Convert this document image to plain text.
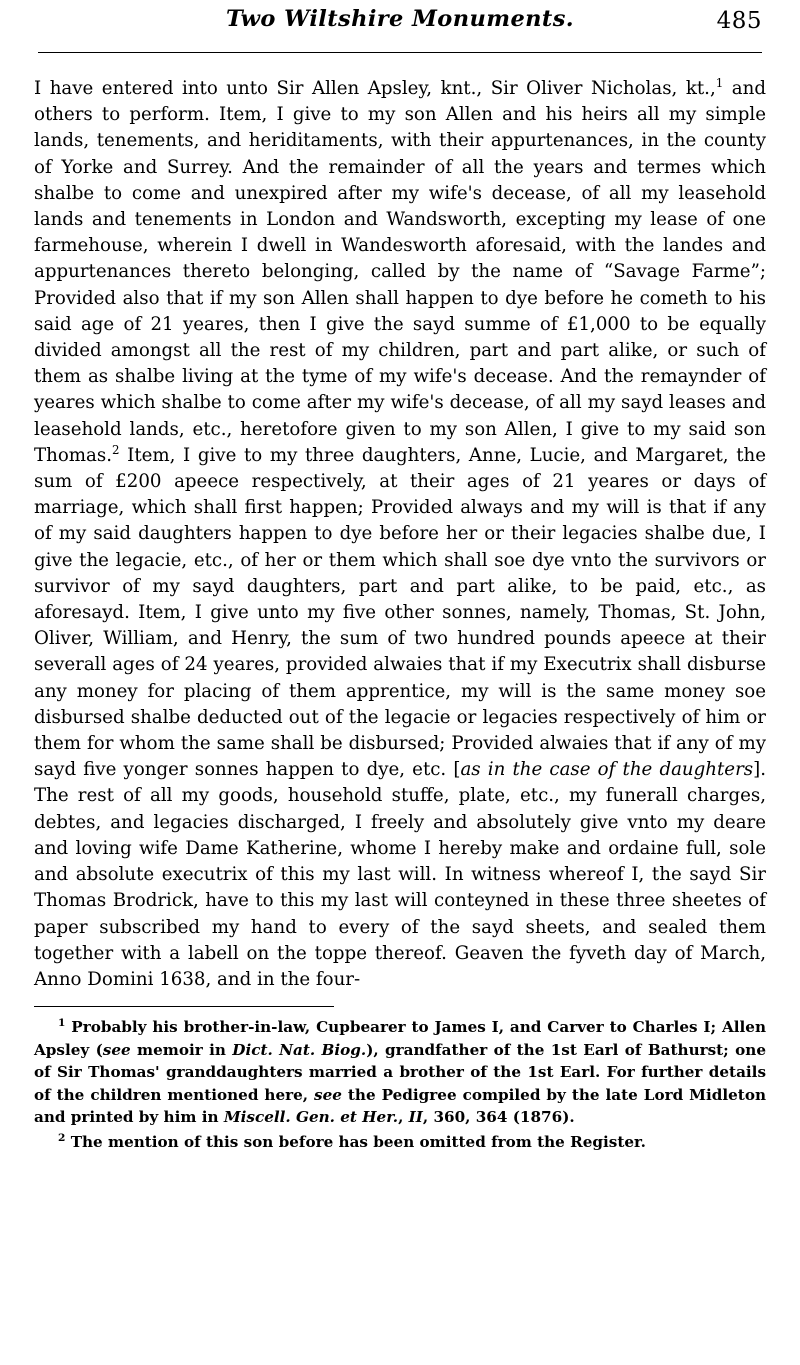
Two Wiltshire Monuments.	485

I have entered into unto Sir Allen Apsley, knt., Sir Oliver Nicholas, kt.,$^1$ and others to perform. Item, I give to my son Allen and his heirs all my simple lands, tenements, and heriditaments, with their appurtenances, in the county of Yorke and Surrey. And the remainder of all the years and termes which shalbe to come and unexpired after my wife's decease, of all my leasehold lands and tenements in London and Wandsworth, excepting my lease of one farmehouse, wherein I dwell in Wandesworth aforesaid, with the landes and appurtenances thereto belonging, called by the name of “Savage Farme”; Provided also that if my son Allen shall happen to dye before he cometh to his said age of 21 yeares, then I give the sayd summe of £1,000 to be equally divided amongst all the rest of my children, part and part alike, or such of them as shalbe living at the tyme of my wife's decease. And the remaynder of yeares which shalbe to come after my wife's decease, of all my sayd leases and leasehold lands, etc., heretofore given to my son Allen, I give to my said son Thomas.$^2$ Item, I give to my three daughters, Anne, Lucie, and Margaret, the sum of £200 apeece respectively, at their ages of 21 yeares or days of marriage, which shall first happen; Provided always and my will is that if any of my said daughters happen to dye before her or their legacies shalbe due, I give the legacie, etc., of her or them which shall soe dye vnto the survivors or survivor of my sayd daughters, part and part alike, to be paid, etc., as aforesayd. Item, I give unto my five other sonnes, namely, Thomas, St. John, Oliver, William, and Henry, the sum of two hundred pounds apeece at their severall ages of 24 yeares, provided alwaies that if my Executrix shall disburse any money for placing of them apprentice, my will is the same money soe disbursed shalbe deducted out of the legacie or legacies respectively of him or them for whom the same shall be disbursed; Provided alwaies that if any of my sayd five yonger sonnes happen to dye, etc. [as in the case of the daughters]. The rest of all my goods, household stuffe, plate, etc., my funerall charges, debtes, and legacies discharged, I freely and absolutely give vnto my deare and loving wife Dame Katherine, whome I hereby make and ordaine full, sole and absolute executrix of this my last will. In witness whereof I, the sayd Sir Thomas Brodrick, have to this my last will conteyned in these three sheetes of paper subscribed my hand to every of the sayd sheets, and sealed them together with a labell on the toppe thereof. Geaven the fyveth day of March, Anno Domini 1638, and in the four-

$^1$ Probably his brother-in-law, Cupbearer to James I, and Carver to Charles I; Allen Apsley (see memoir in Dict. Nat. Biog.), grandfather of the 1st Earl of Bathurst; one of Sir Thomas' granddaughters married a brother of the 1st Earl. For further details of the children mentioned here, see the Pedigree compiled by the late Lord Midleton and printed by him in Miscell. Gen. et Her., II, 360, 364 (1876).

$^2$ The mention of this son before has been omitted from the Register.
